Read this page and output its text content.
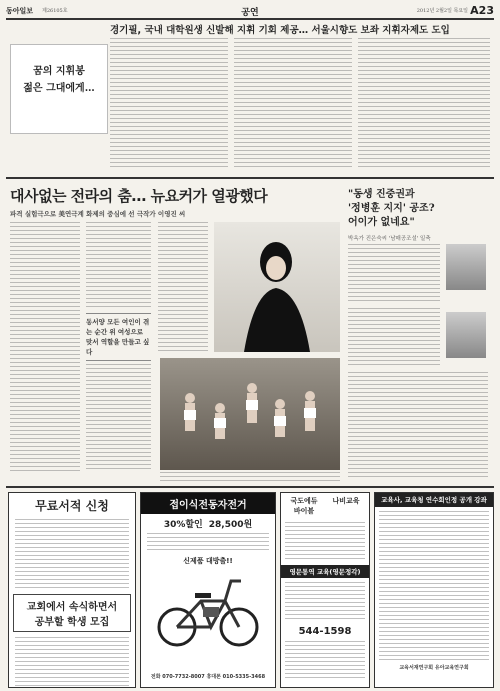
동아일보 제26105호	공연	2012년 2월2일 목요일 A23
꿈의 지휘봉
젊은 그대에게…
경기필, 국내 대학원생 신발해 지휘 기회 제공… 서울시향도 보좌 지휘자제도 도입
대사없는 전라의 춤… 뉴요커가 열광했다
파격 실험극으로 美연극계 화제의 중심에 선 극작가 이영진 씨
동서양 모든 여인이 겪는 순간 위 여성으로 맞서 역할을 만들고 싶다
"동생 진중권과
'정병훈 지지' 공조?
어이가 없네요"
박옥가 진은숙씨 '남매공조설' 일축
무료서적 신청
교회에서 속식하면서
공부할 학생 모집
접이식전동자전거
30%할인 28,500원
신제품 대방출!!
전화 070-7732-8007 휴대폰 010-5335-3468
국도에듀
바이블
나비교육
영문통역 교육(영문정각)
544-1598
교육사, 교육청 연수회인정 공개 강좌
교육서재연구회 유아교육연구회
